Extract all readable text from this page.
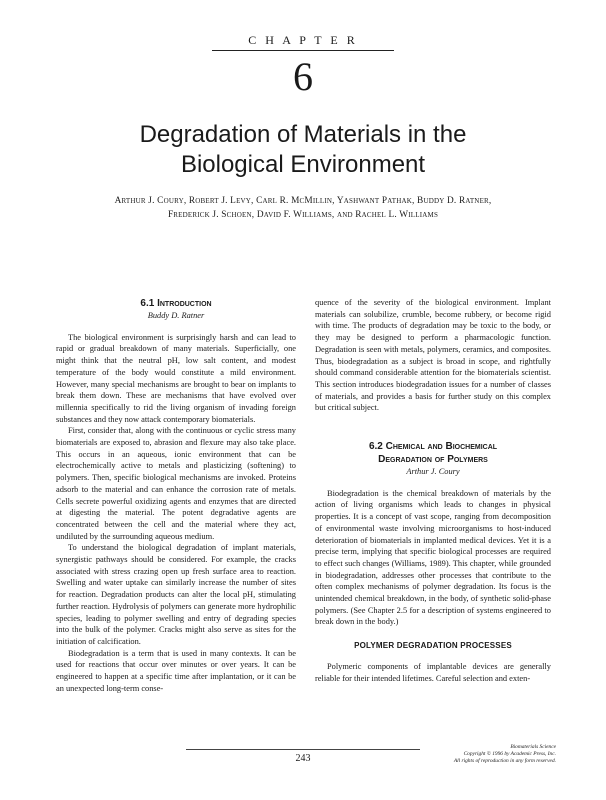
C H A P T E R
6
Degradation of Materials in the
Biological Environment
Arthur J. Coury, Robert J. Levy, Carl R. McMillin, Yashwant Pathak, Buddy D. Ratner,
Frederick J. Schoen, David F. Williams, and Rachel L. Williams
6.1 Introduction
Buddy D. Ratner

The biological environment is surprisingly harsh and can lead to rapid or gradual breakdown of many materials. Superficially, one might think that the neutral pH, low salt content, and modest temperature of the body would constitute a mild environment. However, many special mechanisms are brought to bear on implants to break them down. These are mechanisms that have evolved over millennia specifically to rid the living organism of invading foreign substances and they now attack contemporary biomaterials.

First, consider that, along with the continuous or cyclic stress many biomaterials are exposed to, abrasion and flexure may also take place. This occurs in an aqueous, ionic environment that can be electrochemically active to metals and plasticizing (softening) to polymers. Then, specific biological mechanisms are invoked. Proteins adsorb to the material and can enhance the corrosion rate of metals. Cells secrete powerful oxidizing agents and enzymes that are directed at digesting the material. The potent degradative agents are concentrated between the cell and the material where they act, undiluted by the surrounding aqueous medium.

To understand the biological degradation of implant materials, synergistic pathways should be considered. For example, the cracks associated with stress crazing open up fresh surface area to reaction. Swelling and water uptake can similarly increase the number of sites for reaction. Degradation products can alter the local pH, stimulating further reaction. Hydrolysis of polymers can generate more hydrophilic species, leading to polymer swelling and entry of degrading species into the bulk of the polymer. Cracks might also serve as sites for the initiation of calcification.

Biodegradation is a term that is used in many contexts. It can be used for reactions that occur over minutes or over years. It can be engineered to happen at a specific time after implantation, or it can be an unexpected long-term conse-

quence of the severity of the biological environment. Implant materials can solubilize, crumble, become rubbery, or become rigid with time. The products of degradation may be toxic to the body, or they may be designed to perform a pharmacologic function. Degradation is seen with metals, polymers, ceramics, and composites. Thus, biodegradation as a subject is broad in scope, and rightfully should command considerable attention for the biomaterials scientist. This section introduces biodegradation issues for a number of classes of materials, and provides a basis for further study on this complex but critical subject.

6.2 Chemical and Biochemical
Degradation of Polymers
Arthur J. Coury

Biodegradation is the chemical breakdown of materials by the action of living organisms which leads to changes in physical properties. It is a concept of vast scope, ranging from decomposition of environmental waste involving microorganisms to host-induced deterioration of biomaterials in implanted medical devices. Yet it is a precise term, implying that specific biological processes are required to effect such changes (Williams, 1989). This chapter, while grounded in biodegradation, addresses other processes that contribute to the often complex mechanisms of polymer degradation. Its focus is the unintended chemical breakdown, in the body, of synthetic solid-phase polymers. (See Chapter 2.5 for a description of systems engineered to break down in the body.)

POLYMER DEGRADATION PROCESSES

Polymeric components of implantable devices are generally reliable for their intended lifetimes. Careful selection and exten-

243
Biomaterials Science
Copyright © 1996 by Academic Press, Inc.
All rights of reproduction in any form reserved.
